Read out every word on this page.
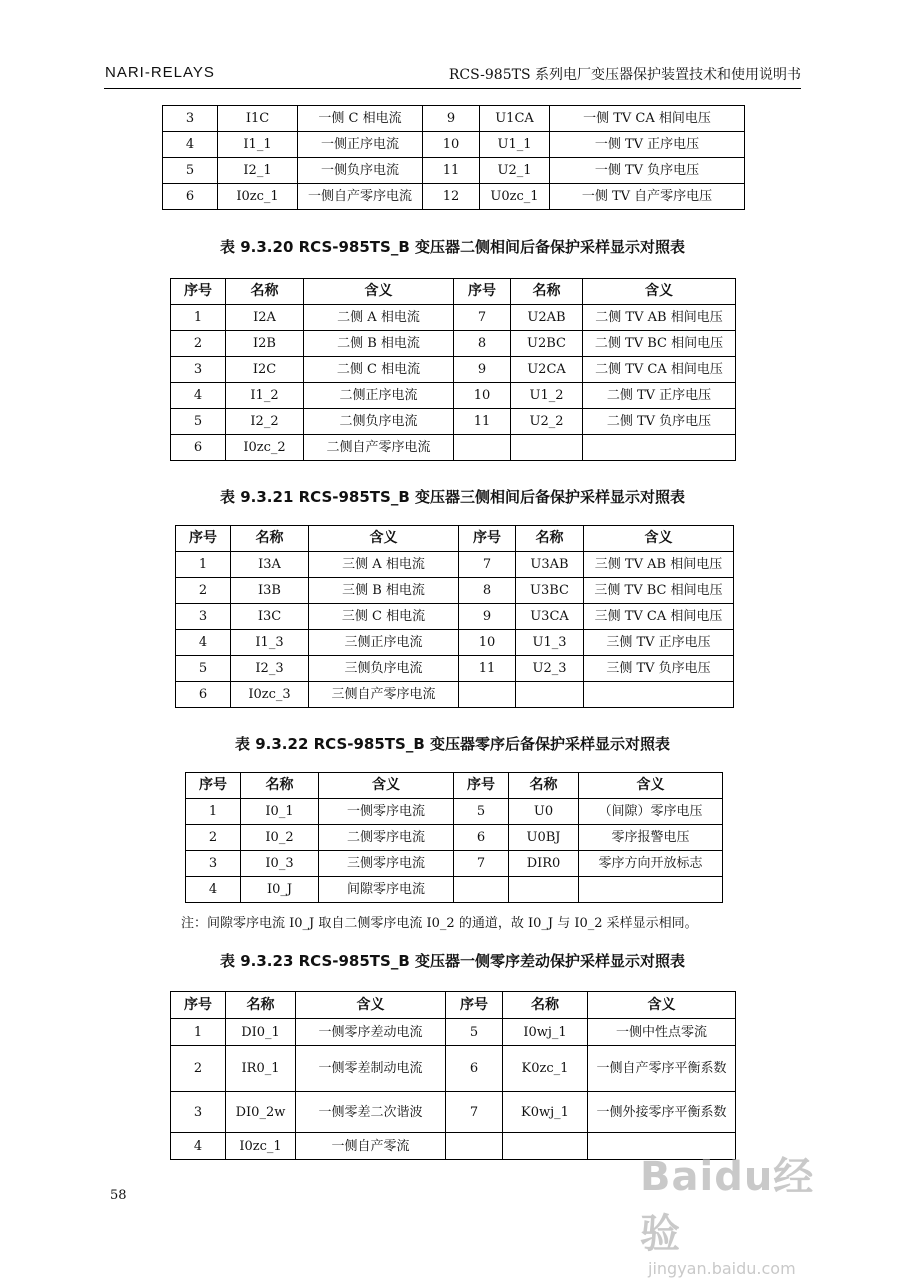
NARI-RELAYS	RCS-985TS 系列电厂变压器保护装置技术和使用说明书
3	I1C	一侧 C 相电流	9	U1CA	一侧 TV CA 相间电压
4	I1_1	一侧正序电流	10	U1_1	一侧 TV 正序电压
5	I2_1	一侧负序电流	11	U2_1	一侧 TV 负序电压
6	I0zc_1	一侧自产零序电流	12	U0zc_1	一侧 TV 自产零序电压
表 9.3.20 RCS-985TS_B 变压器二侧相间后备保护采样显示对照表
序号	名称	含义	序号	名称	含义
1	I2A	二侧 A 相电流	7	U2AB	二侧 TV AB 相间电压
2	I2B	二侧 B 相电流	8	U2BC	二侧 TV BC 相间电压
3	I2C	二侧 C 相电流	9	U2CA	二侧 TV CA 相间电压
4	I1_2	二侧正序电流	10	U1_2	二侧 TV 正序电压
5	I2_2	二侧负序电流	11	U2_2	二侧 TV 负序电压
6	I0zc_2	二侧自产零序电流			
表 9.3.21 RCS-985TS_B 变压器三侧相间后备保护采样显示对照表
序号	名称	含义	序号	名称	含义
1	I3A	三侧 A 相电流	7	U3AB	三侧 TV AB 相间电压
2	I3B	三侧 B 相电流	8	U3BC	三侧 TV BC 相间电压
3	I3C	三侧 C 相电流	9	U3CA	三侧 TV CA 相间电压
4	I1_3	三侧正序电流	10	U1_3	三侧 TV 正序电压
5	I2_3	三侧负序电流	11	U2_3	三侧 TV 负序电压
6	I0zc_3	三侧自产零序电流			
表 9.3.22 RCS-985TS_B 变压器零序后备保护采样显示对照表
序号	名称	含义	序号	名称	含义
1	I0_1	一侧零序电流	5	U0	（间隙）零序电压
2	I0_2	二侧零序电流	6	U0BJ	零序报警电压
3	I0_3	三侧零序电流	7	DIR0	零序方向开放标志
4	I0_J	间隙零序电流			
注：间隙零序电流 I0_J 取自二侧零序电流 I0_2 的通道，故 I0_J 与 I0_2 采样显示相同。
表 9.3.23 RCS-985TS_B 变压器一侧零序差动保护采样显示对照表
序号	名称	含义	序号	名称	含义
1	DI0_1	一侧零序差动电流	5	I0wj_1	一侧中性点零流
2	IR0_1	一侧零差制动电流	6	K0zc_1	一侧自产零序平衡系数
3	DI0_2w	一侧零差二次谐波	7	K0wj_1	一侧外接零序平衡系数
4	I0zc_1	一侧自产零流			
58	Baidu经验
jingyan.baidu.com
